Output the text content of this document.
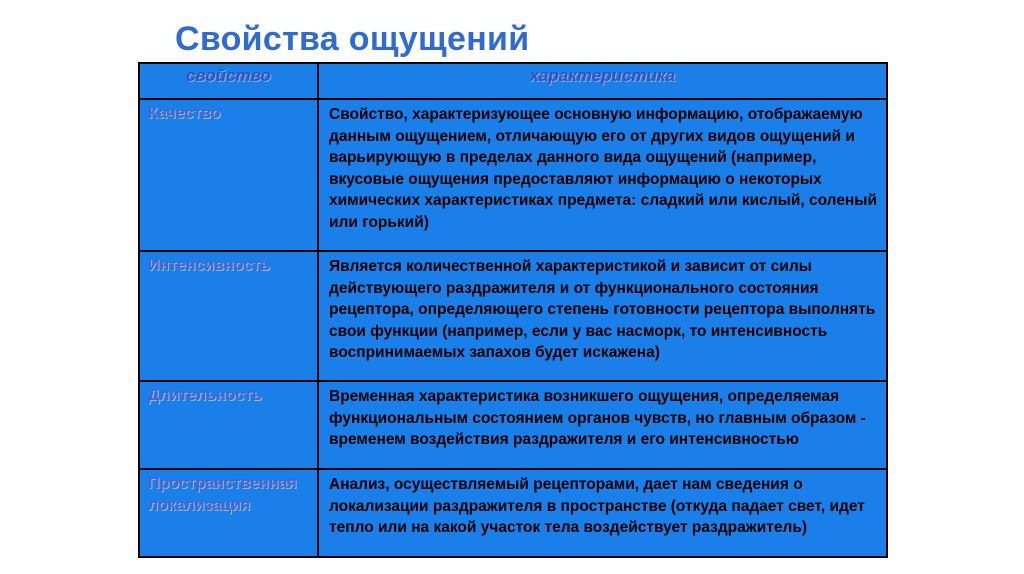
Свойства ощущений
свойство	характеристика
Качество	Свойство, характеризующее основную информацию, отображаемую данным ощущением, отличающую его от других видов ощущений и варьирующую в пределах данного вида ощущений (например, вкусовые ощущения предоставляют информацию о некоторых химических характеристиках предмета: сладкий или кислый, соленый или горький)
Интенсивность	Является количественной характеристикой и зависит от силы действующего раздражителя и от функционального состояния рецептора, определяющего степень готовности рецептора выполнять свои функции (например, если у вас насморк, то интенсивность воспринимаемых запахов будет искажена)
Длительность	Временная характеристика возникшего ощущения, определяемая функциональным состоянием органов чувств, но главным образом - временем воздействия раздражителя и его интенсивностью
Пространственная локализация	Анализ, осуществляемый рецепторами, дает нам сведения о локализации раздражителя в пространстве (откуда падает свет, идет тепло или на какой участок тела воздействует раздражитель)
